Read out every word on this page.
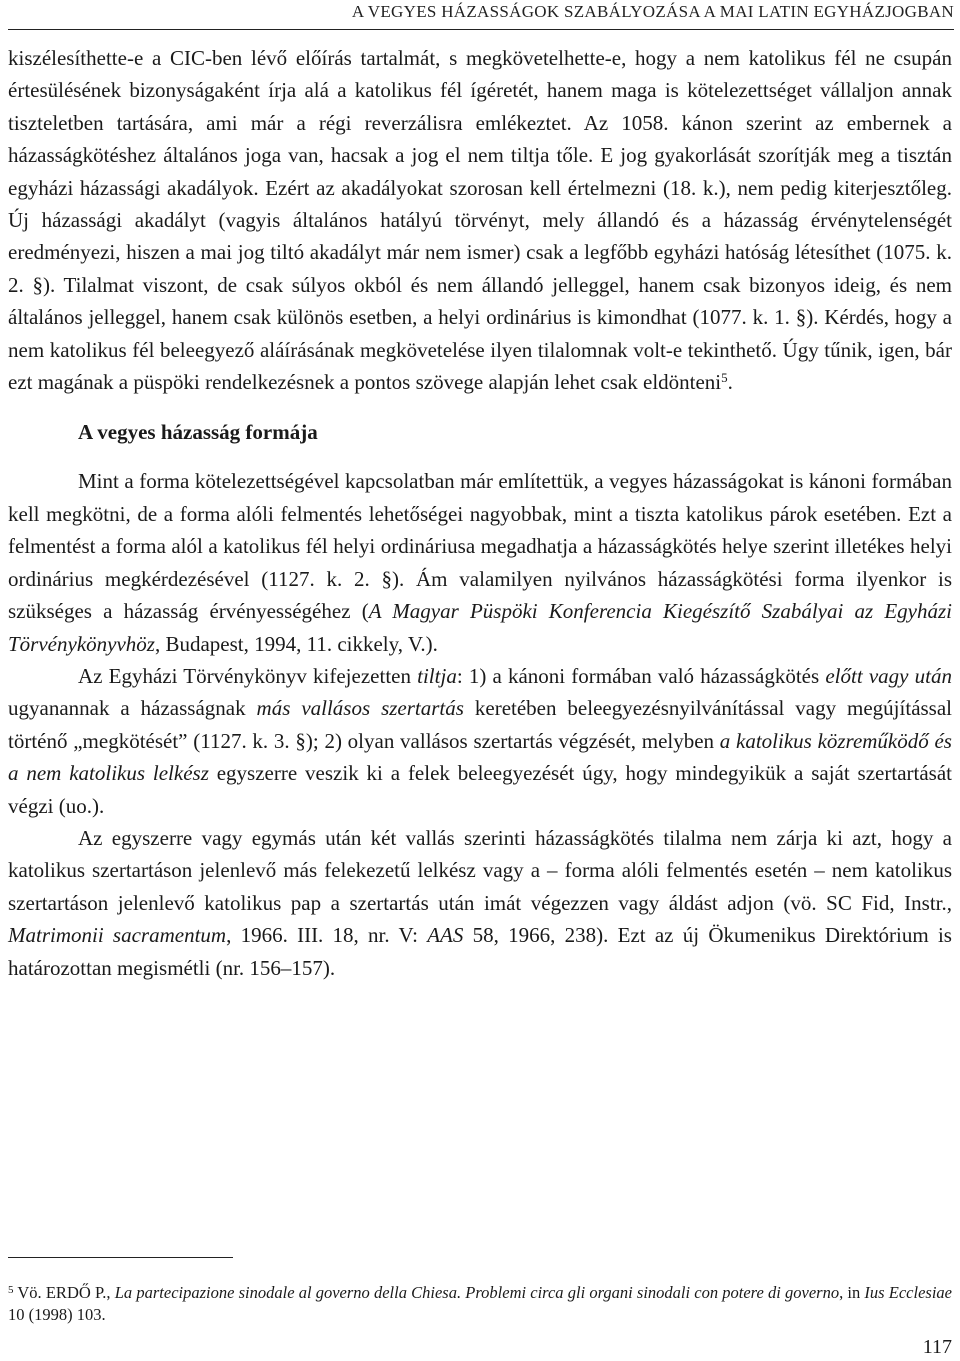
A VEGYES HÁZASSÁGOK SZABÁLYOZÁSA A MAI LATIN EGYHÁZJOGBAN

kiszélesíthette-e a CIC-ben lévő előírás tartalmát, s megkövetelhette-e, hogy a nem katolikus fél ne csupán értesülésének bizonyságaként írja alá a katolikus fél ígéretét, hanem maga is kötelezettséget vállaljon annak tiszteletben tartására, ami már a régi reverzálisra emlékeztet. Az 1058. kánon szerint az embernek a házasságkötéshez általános joga van, hacsak a jog el nem tiltja tőle. E jog gyakorlását szorítják meg a tisztán egyházi házassági akadályok. Ezért az akadályokat szorosan kell értelmezni (18. k.), nem pedig kiterjesztőleg. Új házassági akadályt (vagyis általános hatályú törvényt, mely állandó és a házasság érvénytelenségét eredményezi, hiszen a mai jog tiltó akadályt már nem ismer) csak a legfőbb egyházi hatóság létesíthet (1075. k. 2. §). Tilalmat viszont, de csak súlyos okból és nem állandó jelleggel, hanem csak bizonyos ideig, és nem általános jelleggel, hanem csak különös esetben, a helyi ordinárius is kimondhat (1077. k. 1. §). Kérdés, hogy a nem katolikus fél beleegyező aláírásának megkövetelése ilyen tilalomnak volt-e tekinthető. Úgy tűnik, igen, bár ezt magának a püspöki rendelkezésnek a pontos szövege alapján lehet csak eldönteni$^5$.

A vegyes házasság formája

Mint a forma kötelezettségével kapcsolatban már említettük, a vegyes házasságokat is kánoni formában kell megkötni, de a forma alóli felmentés lehetőségei nagyobbak, mint a tiszta katolikus párok esetében. Ezt a felmentést a forma alól a katolikus fél helyi ordináriusa megadhatja a házasságkötés helye szerint illetékes helyi ordinárius megkérdezésével (1127. k. 2. §). Ám valamilyen nyilvános házasságkötési forma ilyenkor is szükséges a házasság érvényességéhez (A Magyar Püspöki Konferencia Kiegészítő Szabályai az Egyházi Törvénykönyvhöz, Budapest, 1994, 11. cikkely, V.).

Az Egyházi Törvénykönyv kifejezetten tiltja: 1) a kánoni formában való házasságkötés előtt vagy után ugyanannak a házasságnak más vallásos szertartás keretében beleegyezésnyilvánítással vagy megújítással történő „megkötését” (1127. k. 3. §); 2) olyan vallásos szertartás végzését, melyben a katolikus közreműködő és a nem katolikus lelkész egyszerre veszik ki a felek beleegyezését úgy, hogy mindegyikük a saját szertartását végzi (uo.).

Az egyszerre vagy egymás után két vallás szerinti házasságkötés tilalma nem zárja ki azt, hogy a katolikus szertartáson jelenlevő más felekezetű lelkész vagy a – forma alóli felmentés esetén – nem katolikus szertartáson jelenlevő katolikus pap a szertartás után imát végezzen vagy áldást adjon (vö. SC Fid, Instr., Matrimonii sacramentum, 1966. III. 18, nr. V: AAS 58, 1966, 238). Ezt az új Ökumenikus Direktórium is határozottan megismétli (nr. 156–157).

$^5$ Vö. ERDŐ P., La partecipazione sinodale al governo della Chiesa. Problemi circa gli organi sinodali con potere di governo, in Ius Ecclesiae 10 (1998) 103.
117
